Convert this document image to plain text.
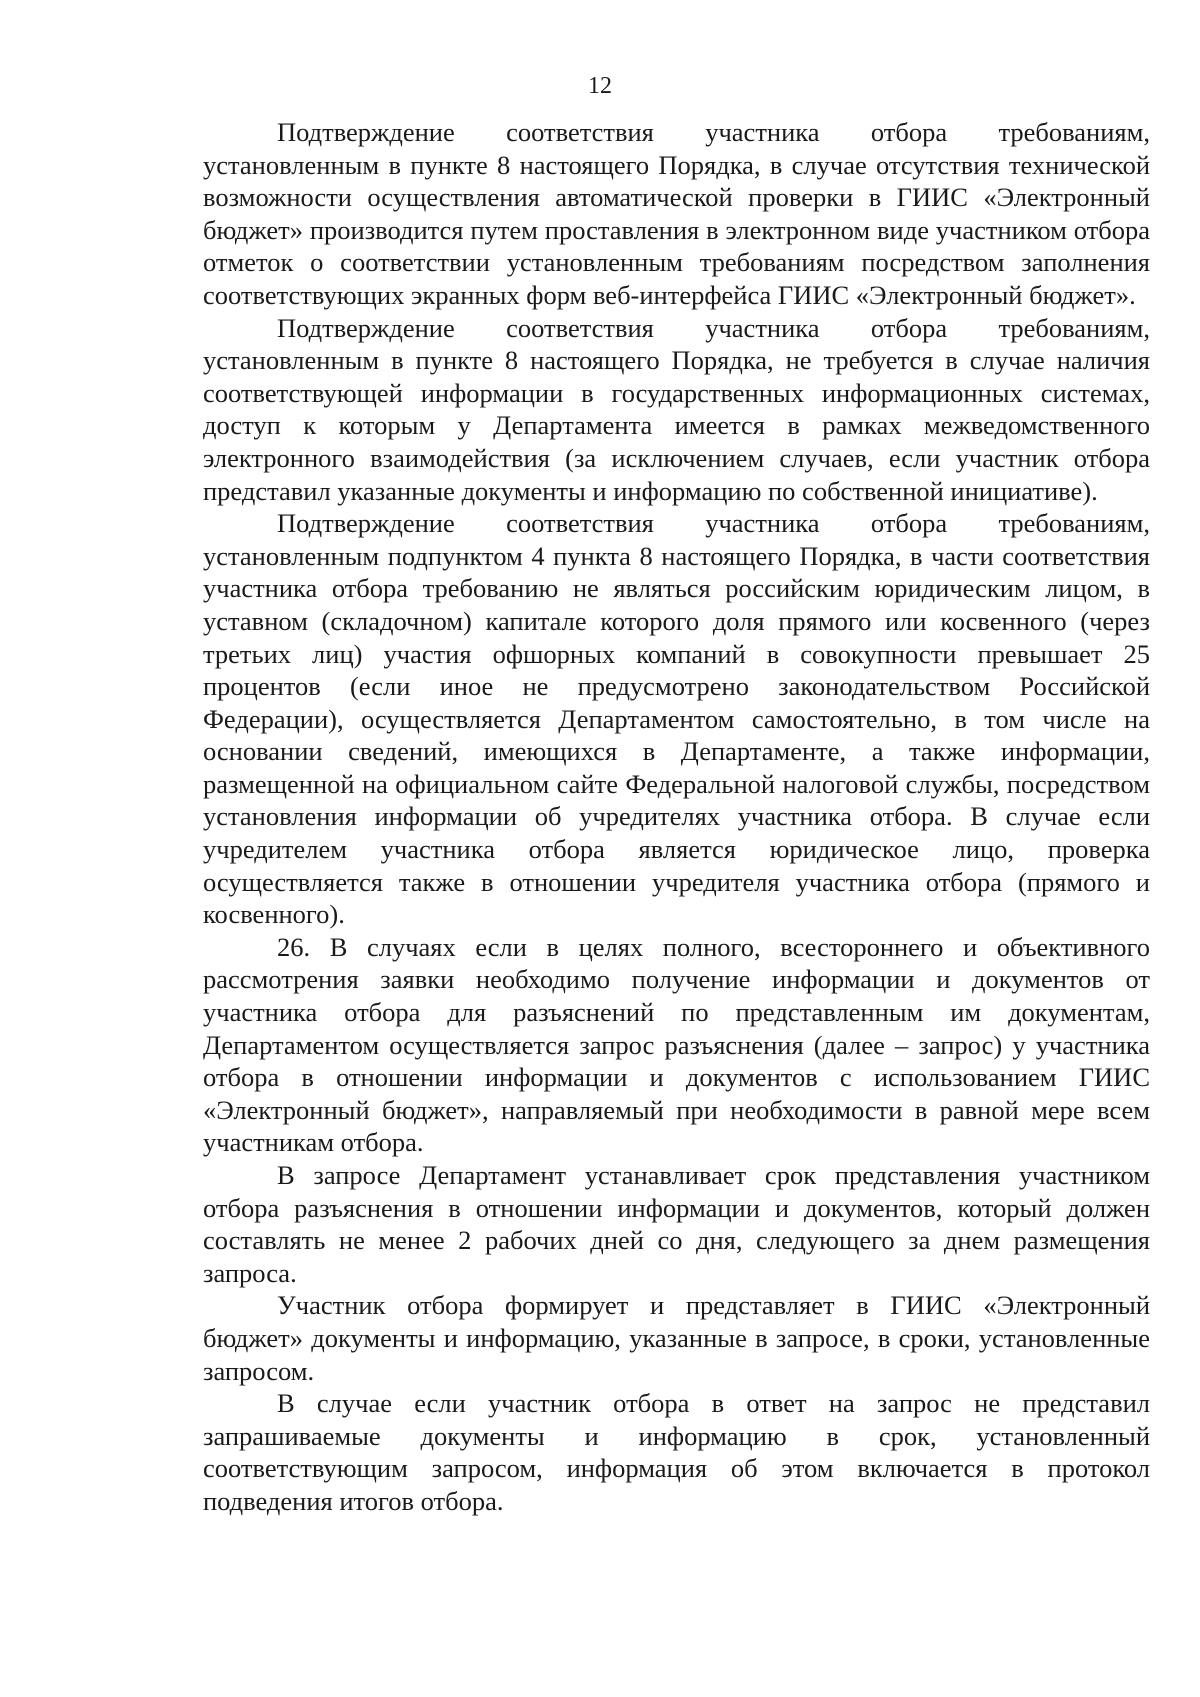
12

Подтверждение соответствия участника отбора требованиям, установленным в пункте 8 настоящего Порядка, в случае отсутствия технической возможности осуществления автоматической проверки в ГИИС «Электронный бюджет» производится путем проставления в электронном виде участником отбора отметок о соответствии установленным требованиям посредством заполнения соответствующих экранных форм веб-интерфейса ГИИС «Электронный бюджет».

Подтверждение соответствия участника отбора требованиям, установленным в пункте 8 настоящего Порядка, не требуется в случае наличия соответствующей информации в государственных информационных системах, доступ к которым у Департамента имеется в рамках межведомственного электронного взаимодействия (за исключением случаев, если участник отбора представил указанные документы и информацию по собственной инициативе).

Подтверждение соответствия участника отбора требованиям, установленным подпунктом 4 пункта 8 настоящего Порядка, в части соответствия участника отбора требованию не являться российским юридическим лицом, в уставном (складочном) капитале которого доля прямого или косвенного (через третьих лиц) участия офшорных компаний в совокупности превышает 25 процентов (если иное не предусмотрено законодательством Российской Федерации), осуществляется Департаментом самостоятельно, в том числе на основании сведений, имеющихся в Департаменте, а также информации, размещенной на официальном сайте Федеральной налоговой службы, посредством установления информации об учредителях участника отбора. В случае если учредителем участника отбора является юридическое лицо, проверка осуществляется также в отношении учредителя участника отбора (прямого и косвенного).

26. В случаях если в целях полного, всестороннего и объективного рассмотрения заявки необходимо получение информации и документов от участника отбора для разъяснений по представленным им документам, Департаментом осуществляется запрос разъяснения (далее – запрос) у участника отбора в отношении информации и документов с использованием ГИИС «Электронный бюджет», направляемый при необходимости в равной мере всем участникам отбора.

В запросе Департамент устанавливает срок представления участником отбора разъяснения в отношении информации и документов, который должен составлять не менее 2 рабочих дней со дня, следующего за днем размещения запроса.

Участник отбора формирует и представляет в ГИИС «Электронный бюджет» документы и информацию, указанные в запросе, в сроки, установленные запросом.

В случае если участник отбора в ответ на запрос не представил запрашиваемые документы и информацию в срок, установленный соответствующим запросом, информация об этом включается в протокол подведения итогов отбора.
